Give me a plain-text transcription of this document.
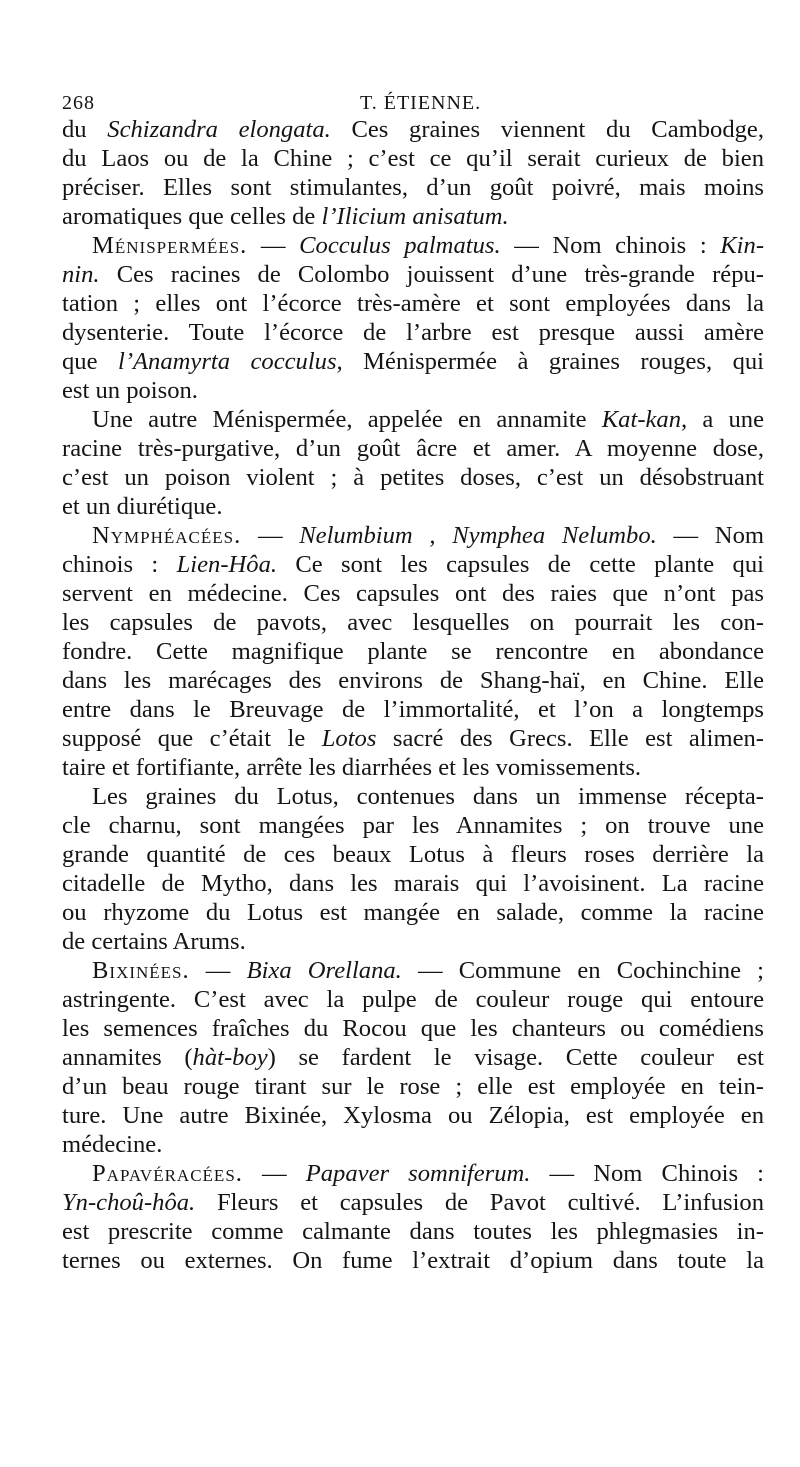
268	T. ÉTIENNE.

du Schizandra elongata. Ces graines viennent du Cambodge,

du Laos ou de la Chine ; c’est ce qu’il serait curieux de bien

préciser. Elles sont stimulantes, d’un goût poivré, mais moins

aromatiques que celles de l’Ilicium anisatum.

Ménispermées. — Cocculus palmatus. — Nom chinois : Kin-

nin. Ces racines de Colombo jouissent d’une très-grande répu-

tation ; elles ont l’écorce très-amère et sont employées dans la

dysenterie. Toute l’écorce de l’arbre est presque aussi amère

que l’Anamyrta cocculus, Ménispermée à graines rouges, qui

est un poison.

Une autre Ménispermée, appelée en annamite Kat-kan, a une

racine très-purgative, d’un goût âcre et amer. A moyenne dose,

c’est un poison violent ; à petites doses, c’est un désobstruant

et un diurétique.

Nymphéacées. — Nelumbium , Nymphea Nelumbo. — Nom

chinois : Lien-Hôa. Ce sont les capsules de cette plante qui

servent en médecine. Ces capsules ont des raies que n’ont pas

les capsules de pavots, avec lesquelles on pourrait les con-

fondre. Cette magnifique plante se rencontre en abondance

dans les marécages des environs de Shang-haï, en Chine. Elle

entre dans le Breuvage de l’immortalité, et l’on a longtemps

supposé que c’était le Lotos sacré des Grecs. Elle est alimen-

taire et fortifiante, arrête les diarrhées et les vomissements.

Les graines du Lotus, contenues dans un immense récepta-

cle charnu, sont mangées par les Annamites ; on trouve une

grande quantité de ces beaux Lotus à fleurs roses derrière la

citadelle de Mytho, dans les marais qui l’avoisinent. La racine

ou rhyzome du Lotus est mangée en salade, comme la racine

de certains Arums.

Bixinées. — Bixa Orellana. — Commune en Cochinchine ;

astringente. C’est avec la pulpe de couleur rouge qui entoure

les semences fraîches du Rocou que les chanteurs ou comédiens

annamites (hàt-boy) se fardent le visage. Cette couleur est

d’un beau rouge tirant sur le rose ; elle est employée en tein-

ture. Une autre Bixinée, Xylosma ou Zélopia, est employée en

médecine.

Papavéracées. — Papaver somniferum. — Nom Chinois :

Yn-choû-hôa. Fleurs et capsules de Pavot cultivé. L’infusion

est prescrite comme calmante dans toutes les phlegmasies in-

ternes ou externes. On fume l’extrait d’opium dans toute la
